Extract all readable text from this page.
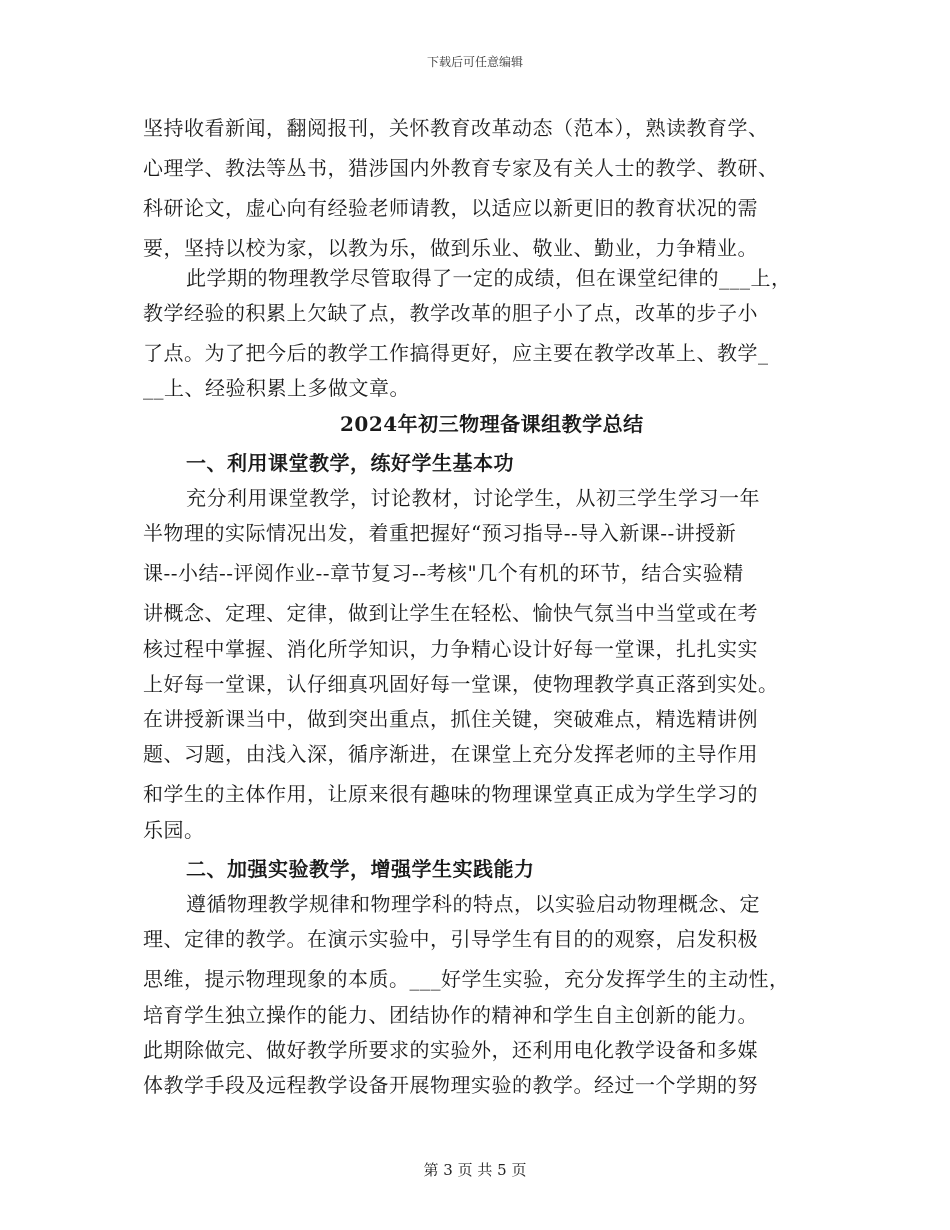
下载后可任意编辑
坚持收看新闻，翻阅报刊，关怀教育改革动态（范本），熟读教育学、
心理学、教法等丛书，猎涉国内外教育专家及有关人士的教学、教研、
科研论文，虚心向有经验老师请教，以适应以新更旧的教育状况的需
要，坚持以校为家，以教为乐，做到乐业、敬业、勤业，力争精业。
此学期的物理教学尽管取得了一定的成绩，但在课堂纪律的___上，
教学经验的积累上欠缺了点，教学改革的胆子小了点，改革的步子小
了点。为了把今后的教学工作搞得更好，应主要在教学改革上、教学_
__上、经验积累上多做文章。
2024年初三物理备课组教学总结
一、利用课堂教学，练好学生基本功
充分利用课堂教学，讨论教材，讨论学生，从初三学生学习一年
半物理的实际情况出发，着重把握好“预习指导--导入新课--讲授新
课--小结--评阅作业--章节复习--考核"几个有机的环节，结合实验精
讲概念、定理、定律，做到让学生在轻松、愉快气氛当中当堂或在考
核过程中掌握、消化所学知识，力争精心设计好每一堂课，扎扎实实
上好每一堂课，认仔细真巩固好每一堂课，使物理教学真正落到实处。
在讲授新课当中，做到突出重点，抓住关键，突破难点，精选精讲例
题、习题，由浅入深，循序渐进，在课堂上充分发挥老师的主导作用
和学生的主体作用，让原来很有趣味的物理课堂真正成为学生学习的
乐园。
二、加强实验教学，增强学生实践能力
遵循物理教学规律和物理学科的特点，以实验启动物理概念、定
理、定律的教学。在演示实验中，引导学生有目的的观察，启发积极
思维，提示物理现象的本质。___好学生实验，充分发挥学生的主动性，
培育学生独立操作的能力、团结协作的精神和学生自主创新的能力。
此期除做完、做好教学所要求的实验外，还利用电化教学设备和多媒
体教学手段及远程教学设备开展物理实验的教学。经过一个学期的努
第 3 页 共 5 页
